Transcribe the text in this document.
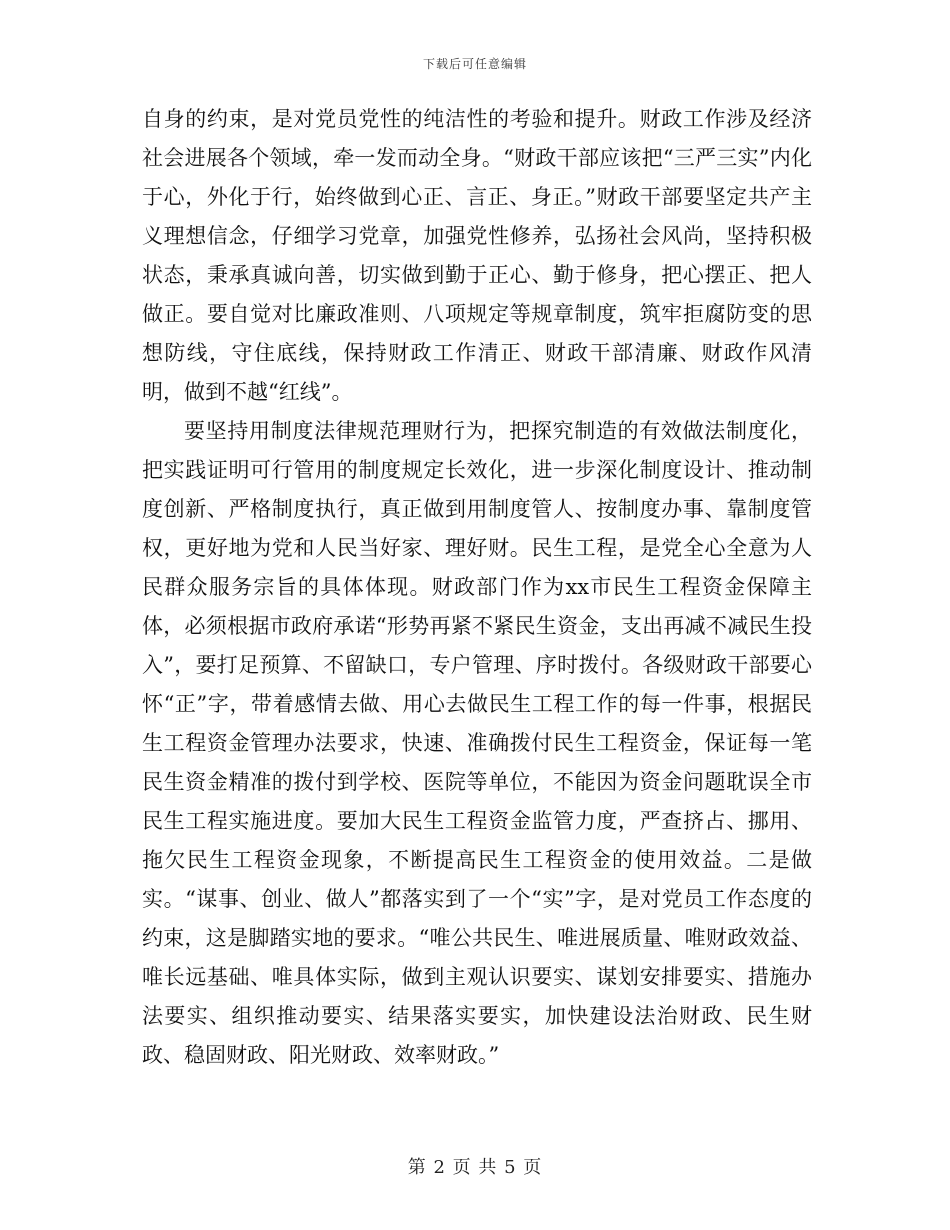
下载后可任意编辑

自身的约束，是对党员党性的纯洁性的考验和提升。财政工作涉及经济社会进展各个领域，牵一发而动全身。“财政干部应该把“三严三实”内化于心，外化于行，始终做到心正、言正、身正。”财政干部要坚定共产主义理想信念，仔细学习党章，加强党性修养，弘扬社会风尚，坚持积极状态，秉承真诚向善，切实做到勤于正心、勤于修身，把心摆正、把人做正。要自觉对比廉政准则、八项规定等规章制度，筑牢拒腐防变的思想防线，守住底线，保持财政工作清正、财政干部清廉、财政作风清明，做到不越“红线”。

要坚持用制度法律规范理财行为，把探究制造的有效做法制度化，把实践证明可行管用的制度规定长效化，进一步深化制度设计、推动制度创新、严格制度执行，真正做到用制度管人、按制度办事、靠制度管权，更好地为党和人民当好家、理好财。民生工程，是党全心全意为人民群众服务宗旨的具体体现。财政部门作为xx市民生工程资金保障主体，必须根据市政府承诺“形势再紧不紧民生资金，支出再减不减民生投入”，要打足预算、不留缺口，专户管理、序时拨付。各级财政干部要心怀“正”字，带着感情去做、用心去做民生工程工作的每一件事，根据民生工程资金管理办法要求，快速、准确拨付民生工程资金，保证每一笔民生资金精准的拨付到学校、医院等单位，不能因为资金问题耽误全市民生工程实施进度。要加大民生工程资金监管力度，严查挤占、挪用、拖欠民生工程资金现象，不断提高民生工程资金的使用效益。二是做实。“谋事、创业、做人”都落实到了一个“实”字，是对党员工作态度的约束，这是脚踏实地的要求。“唯公共民生、唯进展质量、唯财政效益、唯长远基础、唯具体实际，做到主观认识要实、谋划安排要实、措施办法要实、组织推动要实、结果落实要实，加快建设法治财政、民生财政、稳固财政、阳光财政、效率财政。”

第 2 页 共 5 页
